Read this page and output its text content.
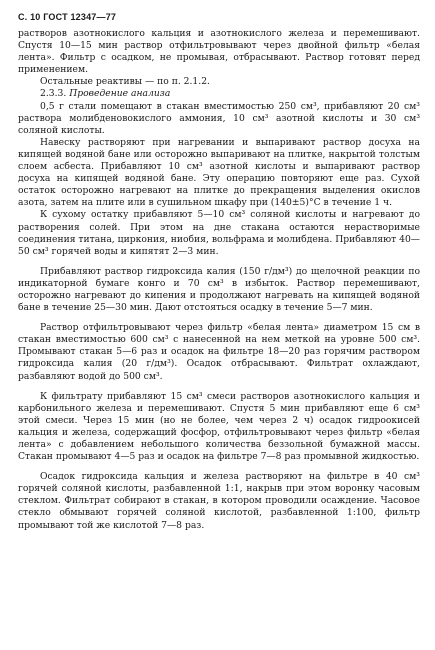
С. 10 ГОСТ 12347—77

растворов азотнокислого кальция и азотнокислого железа и перемешивают. Спустя 10—15 мин раствор отфильтровывают через двойной фильтр «белая лента». Фильтр с осадком, не промывая, отбрасывают. Раствор готовят перед применением.

Остальные реактивы — по п. 2.1.2.

2.3.3. Проведение анализа

0,5 г стали помещают в стакан вместимостью 250 см³, прибавляют 20 см³ раствора молибденовокислого аммония, 10 см³ азотной кислоты и 30 см³ соляной кислоты.

Навеску растворяют при нагревании и выпаривают раствор досуха на кипящей водяной бане или осторожно выпаривают на плитке, накрытой толстым слоем асбеста. Прибавляют 10 см³ азотной кислоты и выпаривают раствор досуха на кипящей водяной бане. Эту операцию повторяют еще раз. Сухой остаток осторожно нагревают на плитке до прекращения выделения окислов азота, затем на плите или в сушильном шкафу при (140±5)°С в течение 1 ч.

К сухому остатку прибавляют 5—10 см³ соляной кислоты и нагревают до растворения солей. При этом на дне стакана остаются нерастворимые соединения титана, циркония, ниобия, вольфрама и молибдена. Прибавляют 40—50 см³ горячей воды и кипятят 2—3 мин.

Прибавляют раствор гидроксида калия (150 г/дм³) до щелочной реакции по индикаторной бумаге конго и 70 см³ в избыток. Раствор перемешивают, осторожно нагревают до кипения и продолжают нагревать на кипящей водяной бане в течение 25—30 мин. Дают отстояться осадку в течение 5—7 мин.

Раствор отфильтровывают через фильтр «белая лента» диаметром 15 см в стакан вместимостью 600 см³ с нанесенной на нем меткой на уровне 500 см³. Промывают стакан 5—6 раз и осадок на фильтре 18—20 раз горячим раствором гидроксида калия (20 г/дм³). Осадок отбрасывают. Фильтрат охлаждают, разбавляют водой до 500 см³.

К фильтрату прибавляют 15 см³ смеси растворов азотнокислого кальция и карбонильного железа и перемешивают. Спустя 5 мин прибавляют еще 6 см³ этой смеси. Через 15 мин (но не более, чем через 2 ч) осадок гидроокисей кальция и железа, содержащий фосфор, отфильтровывают через фильтр «белая лента» с добавлением небольшого количества беззольной бумажной массы. Стакан промывают 4—5 раз и осадок на фильтре 7—8 раз промывной жидкостью.

Осадок гидроксида кальция и железа растворяют на фильтре в 40 см³ горячей соляной кислоты, разбавленной 1:1, накрыв при этом воронку часовым стеклом. Фильтрат собирают в стакан, в котором проводили осаждение. Часовое стекло обмывают горячей соляной кислотой, разбавленной 1:100, фильтр промывают той же кислотой 7—8 раз.
